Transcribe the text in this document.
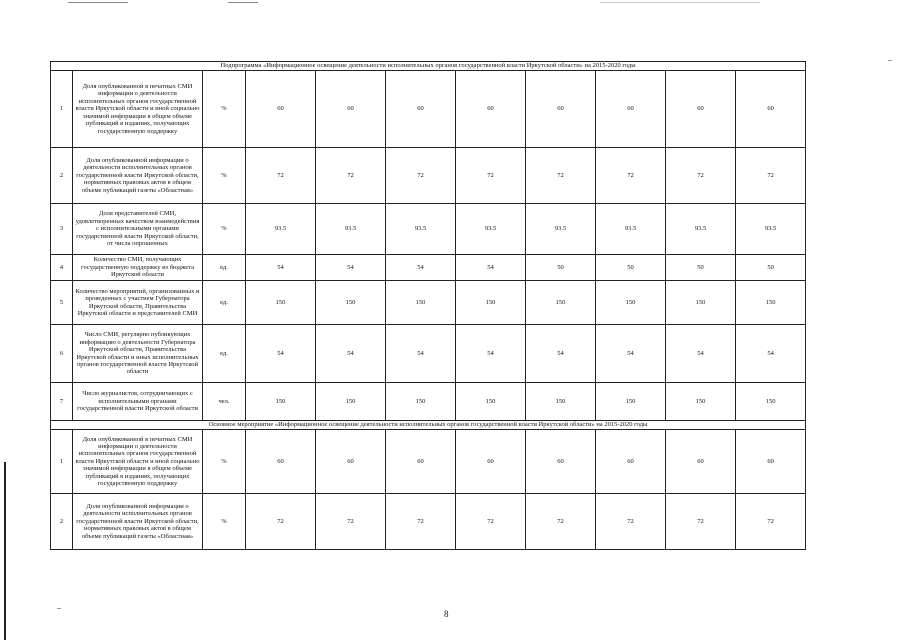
Подпрограмма «Информационное освещение деятельности исполнительных органов государственной власти Иркутской области» на 2015-2020 годы										
1	Доля опубликованной в печатных СМИ информации о деятельности исполнительных органов государственной власти Иркутской области и иной социально значимой информации в общем объеме публикаций в изданиях, получающих государственную поддержку	%	60	60	60	60	60	60	60	60
2	Доля опубликованной информации о деятельности исполнительных органов государственной власти Иркутской области, нормативных правовых актов в общем объеме публикаций газеты «Областная»	%	72	72	72	72	72	72	72	72
3	Доля представителей СМИ, удовлетворенных качеством взаимодействия с исполнительными органами государственной власти Иркутской области, от числа опрошенных	%	93.5	93.5	93.5	93.5	93.5	93.5	93.5	93.5
4	Количество СМИ, получающих государственную поддержку из бюджета Иркутской области	ед.	54	54	54	54	50	50	50	50
5	Количество мероприятий, организованных и проведенных с участием Губернатора Иркутской области, Правительства Иркутской области и представителей СМИ	ед.	150	150	150	150	150	150	150	150
6	Число СМИ, регулярно публикующих информацию о деятельности Губернатора Иркутской области, Правительства Иркутской области и иных исполнительных органов государственной власти Иркутской области	ед.	54	54	54	54	54	54	54	54
7	Число журналистов, сотрудничающих с исполнительными органами государственной власти Иркутской области	чел.	150	150	150	150	150	150	150	150
Основное мероприятие «Информационное освещение деятельности исполнительных органов государственной власти Иркутской области» на 2015-2020 годы										
1	Доля опубликованной в печатных СМИ информации о деятельности исполнительных органов государственной власти Иркутской области и иной социально значимой информации в общем объеме публикаций в изданиях, получающих государственную поддержку	%	60	60	60	60	60	60	60	60
2	Доля опубликованной информации о деятельности исполнительных органов государственной власти Иркутской области, нормативных правовых актов в общем объеме публикаций газеты «Областная»	%	72	72	72	72	72	72	72	72
8
